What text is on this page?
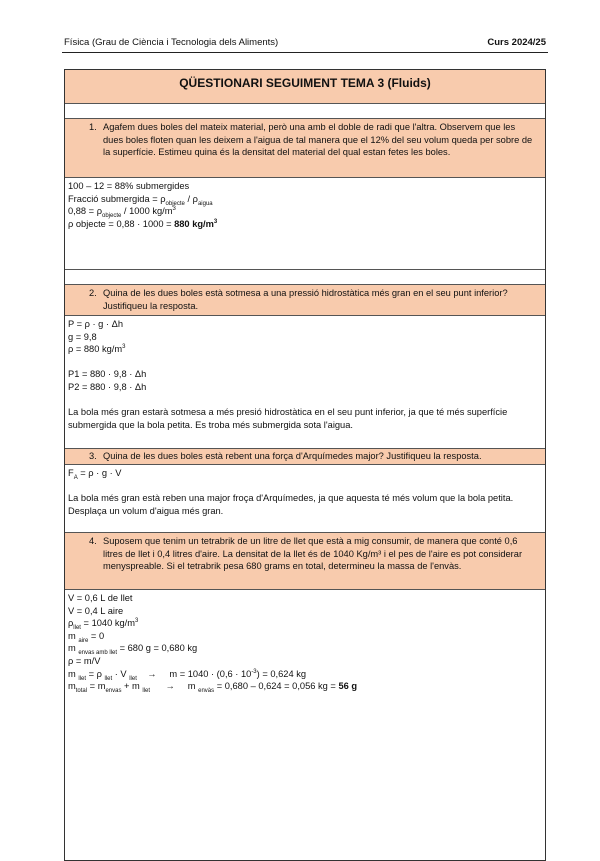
Física (Grau de Ciència i Tecnologia dels Aliments)	Curs 2024/25
QÜESTIONARI SEGUIMENT TEMA 3 (Fluids)
1. Agafem dues boles del mateix material, però una amb el doble de radi que l'altra. Observem que les dues boles floten quan les deixem a l'aigua de tal manera que el 12% del seu volum queda per sobre de la superfície. Estimeu quina és la densitat del material del qual estan fetes les boles.

100 – 12 = 88% submergides

Fracció submergida = $\rho_{objecte} / \rho_{aigua}$

$0,88 = \rho_{objecte} / 1000$ $kg/m^3$

ρ objecte = 0,88 · 1000 = 880 $kg/m^3$

2. Quina de les dues boles està sotmesa a una pressió hidrostàtica més gran en el seu punt inferior? Justifiqueu la resposta.

P = ρ · g · Δh

g = 9,8

ρ = 880 $kg/m^3$

P1 = 880 · 9,8 · Δh

P2 = 880 · 9,8 · Δh

La bola més gran estarà sotmesa a més presió hidrostàtica en el seu punt inferior, ja que té més superfície submergida que la bola petita. Es troba més submergida sota l'aigua.

3. Quina de les dues boles està rebent una força d'Arquímedes major? Justifiqueu la resposta.

$F_A = \rho \cdot g \cdot V$

La bola més gran està reben una major froça d'Arquímedes, ja que aquesta té més volum que la bola petita. Desplaça un volum d'aigua més gran.

4. Suposem que tenim un tetrabrik de un litre de llet que està a mig consumir, de manera que conté 0,6 litres de llet i 0,4 litres d'aire. La densitat de la llet és de 1040 Kg/m³ i el pes de l'aire es pot considerar menyspreable. Si el tetrabrik pesa 680 grams en total, determineu la massa de l'envàs.

V = 0,6 L de llet

V = 0,4 L aire

$\rho_{llet} = 1040$ $kg/m^3$

m $_{aire}$ = 0

m $_{envas amb llet}$ = 680 g = 0,680 kg

ρ = m/V

m $_{llet}$ = ρ $_{llet}$ · V $_{llet}$    →     $m = 1040 \cdot (0,6 \cdot 10^{-3}) = 0,624$ kg

$m_{total} = m_{envas} + m$ $_{llet}$      →     m $_{envàs}$ = 0,680 – 0,624 = 0,056 kg = 56 g
